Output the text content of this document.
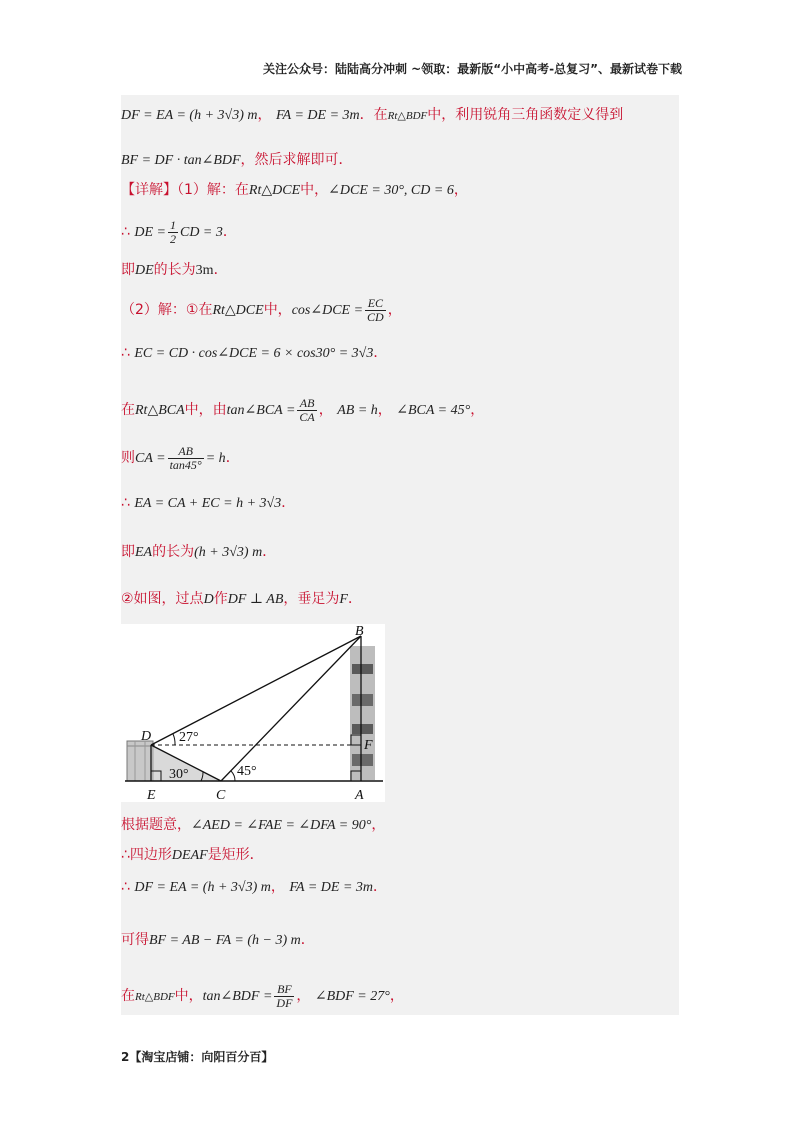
关注公众号：陆陆高分冲刺 ~领取：最新版“小中高考-总复习”、最新试卷下载
DF = EA = (h + 3√3) m， FA = DE = 3m．在Rt△BDF中，利用锐角三角函数定义得到
BF = DF · tan∠BDF，然后求解即可．
【详解】（1）解：在Rt△DCE中，∠DCE = 30°, CD = 6，
∴ DE = $\frac{1}{2}$ CD = 3．
即DE的长为3m．
（2）解：①在Rt△DCE中，cos∠DCE = $\frac{EC}{CD}$ ，
∴ EC = CD · cos∠DCE = 6 × cos30° = 3√3．
在Rt△BCA中，由tan∠BCA = $\frac{AB}{CA}$ ， AB = h， ∠BCA = 45°，
则CA = $\frac{AB}{\tan 45^\circ} = h$．
∴ EA = CA + EC = h + 3√3．
即EA的长为(h + 3√3) m．
②如图，过点D作DF ⊥ AB，垂足为F．
B
D
F
E	C	A
27°
30°	45°
根据题意，∠AED = ∠FAE = ∠DFA = 90°，
∴四边形DEAF是矩形．
∴ DF = EA = (h + 3√3) m， FA = DE = 3m．
可得BF = AB − FA = (h − 3) m．
在Rt△BDF中，tan∠BDF = $\frac{BF}{DF}$ ， ∠BDF = 27°，
2【淘宝店铺：向阳百分百】
